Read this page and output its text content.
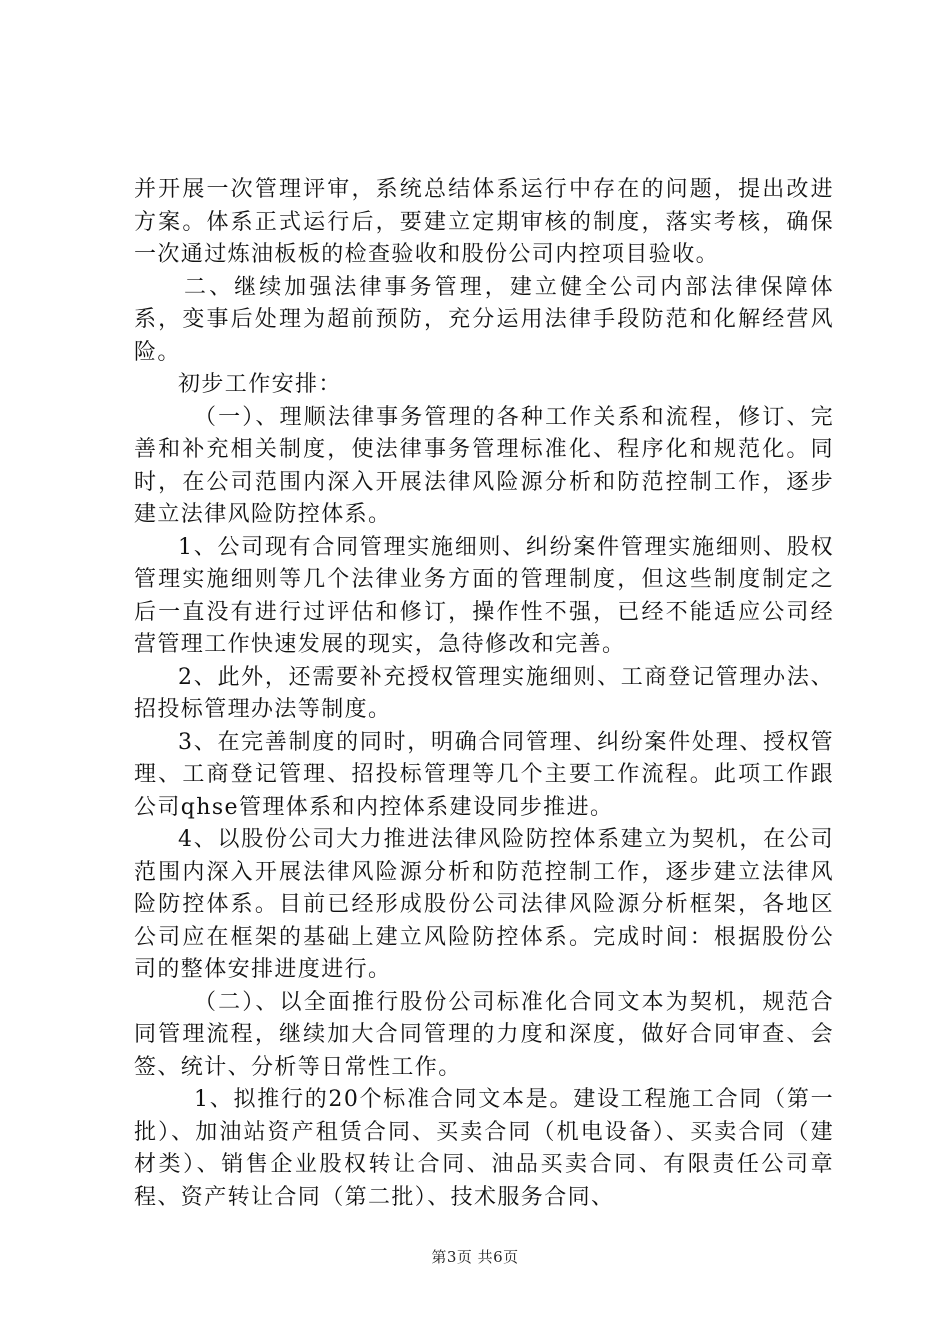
并开展一次管理评审，系统总结体系运行中存在的问题，提出改进方案。体系正式运行后，要建立定期审核的制度，落实考核，确保一次通过炼油板板的检查验收和股份公司内控项目验收。

二、继续加强法律事务管理，建立健全公司内部法律保障体系，变事后处理为超前预防，充分运用法律手段防范和化解经营风险。

初步工作安排：

（一）、理顺法律事务管理的各种工作关系和流程，修订、完善和补充相关制度，使法律事务管理标准化、程序化和规范化。同时，在公司范围内深入开展法律风险源分析和防范控制工作，逐步建立法律风险防控体系。

1、公司现有合同管理实施细则、纠纷案件管理实施细则、股权管理实施细则等几个法律业务方面的管理制度，但这些制度制定之后一直没有进行过评估和修订，操作性不强，已经不能适应公司经营管理工作快速发展的现实，急待修改和完善。

2、此外，还需要补充授权管理实施细则、工商登记管理办法、招投标管理办法等制度。

3、在完善制度的同时，明确合同管理、纠纷案件处理、授权管理、工商登记管理、招投标管理等几个主要工作流程。此项工作跟公司qhse管理体系和内控体系建设同步推进。

4、以股份公司大力推进法律风险防控体系建立为契机，在公司范围内深入开展法律风险源分析和防范控制工作，逐步建立法律风险防控体系。目前已经形成股份公司法律风险源分析框架，各地区公司应在框架的基础上建立风险防控体系。完成时间：根据股份公司的整体安排进度进行。

（二）、以全面推行股份公司标准化合同文本为契机，规范合同管理流程，继续加大合同管理的力度和深度，做好合同审查、会签、统计、分析等日常性工作。

1、拟推行的20个标准合同文本是。建设工程施工合同（第一批）、加油站资产租赁合同、买卖合同（机电设备）、买卖合同（建材类）、销售企业股权转让合同、油品买卖合同、有限责任公司章程、资产转让合同（第二批）、技术服务合同、

第3页 共6页
